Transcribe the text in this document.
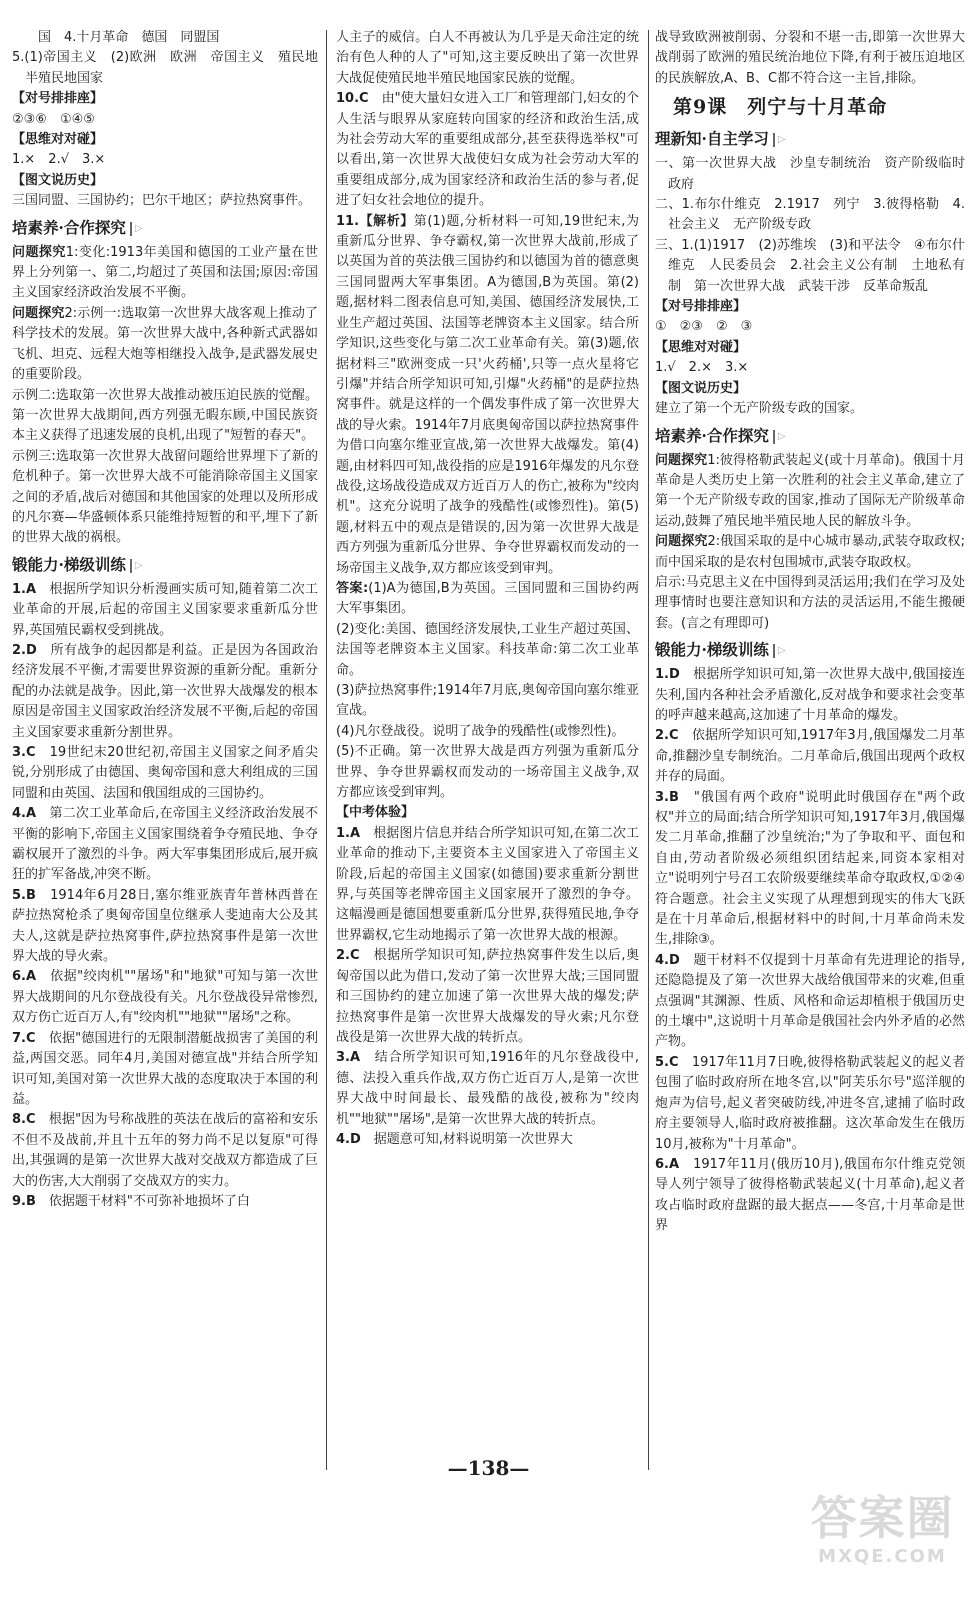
国　4.十月革命　德国　同盟国

5.(1)帝国主义　(2)欧洲　欧洲　帝国主义　殖民地半殖民地国家

【对号排排座】

②③⑥　①④⑤

【思维对对碰】

1.×　2.√　3.×

【图文说历史】

三国同盟、三国协约；巴尔干地区；萨拉热窝事件。

培素养·合作探究 ▷

问题探究1:变化:1913年美国和德国的工业产量在世界上分列第一、第二,均超过了英国和法国;原因:帝国主义国家经济政治发展不平衡。

问题探究2:示例一:选取第一次世界大战客观上推动了科学技术的发展。第一次世界大战中,各种新式武器如飞机、坦克、远程大炮等相继投入战争,是武器发展史的重要阶段。

示例二:选取第一次世界大战推动被压迫民族的觉醒。第一次世界大战期间,西方列强无暇东顾,中国民族资本主义获得了迅速发展的良机,出现了"短暂的春天"。

示例三:选取第一次世界大战留问题给世界埋下了新的危机种子。第一次世界大战不可能消除帝国主义国家之间的矛盾,战后对德国和其他国家的处理以及所形成的凡尔赛—华盛顿体系只能维持短暂的和平,埋下了新的世界大战的祸根。

锻能力·梯级训练 ▷

1.A　 根据所学知识分析漫画实质可知,随着第二次工业革命的开展,后起的帝国主义国家要求重新瓜分世界,英国殖民霸权受到挑战。

2.D　 所有战争的起因都是利益。正是因为各国政治经济发展不平衡,才需要世界资源的重新分配。重新分配的办法就是战争。因此,第一次世界大战爆发的根本原因是帝国主义国家政治经济发展不平衡,后起的帝国主义国家要求重新分割世界。

3.C　 19世纪末20世纪初,帝国主义国家之间矛盾尖锐,分别形成了由德国、奥匈帝国和意大利组成的三国同盟和由英国、法国和俄国组成的三国协约。

4.A　 第二次工业革命后,在帝国主义经济政治发展不平衡的影响下,帝国主义国家围绕着争夺殖民地、争夺霸权展开了激烈的斗争。两大军事集团形成后,展开疯狂的扩军备战,冲突不断。

5.B　 1914年6月28日,塞尔维亚族青年普林西普在萨拉热窝枪杀了奥匈帝国皇位继承人斐迪南大公及其夫人,这就是萨拉热窝事件,萨拉热窝事件是第一次世界大战的导火索。

6.A　 依据"绞肉机""屠场"和"地狱"可知与第一次世界大战期间的凡尔登战役有关。凡尔登战役异常惨烈,双方伤亡近百万人,有"绞肉机""地狱""屠场"之称。

7.C　 依据"德国进行的无限制潜艇战损害了美国的利益,两国交恶。同年4月,美国对德宣战"并结合所学知识可知,美国对第一次世界大战的态度取决于本国的利益。

8.C　 根据"因为号称战胜的英法在战后的富裕和安乐不但不及战前,并且十五年的努力尚不足以复原"可得出,其强调的是第一次世界大战对交战双方都造成了巨大的伤害,大大削弱了交战双方的实力。

9.B　 依据题干材料"不可弥补地损坏了白

人主子的威信。白人不再被认为几乎是天命注定的统治有色人种的人了"可知,这主要反映出了第一次世界大战促使殖民地半殖民地国家民族的觉醒。

10.C　 由"使大量妇女进入工厂和管理部门,妇女的个人生活与眼界从家庭转向国家的经济和政治生活,成为社会劳动大军的重要组成部分,甚至获得选举权"可以看出,第一次世界大战使妇女成为社会劳动大军的重要组成部分,成为国家经济和政治生活的参与者,促进了妇女社会地位的提升。

11.【解析】第(1)题,分析材料一可知,19世纪末,为重新瓜分世界、争夺霸权,第一次世界大战前,形成了以英国为首的英法俄三国协约和以德国为首的德意奥三国同盟两大军事集团。A为德国,B为英国。第(2)题,据材料二图表信息可知,美国、德国经济发展快,工业生产超过英国、法国等老牌资本主义国家。结合所学知识,这些变化与第二次工业革命有关。第(3)题,依据材料三"欧洲变成一只'火药桶',只等一点火星将它引爆"并结合所学知识可知,引爆"火药桶"的是萨拉热窝事件。就是这样的一个偶发事件成了第一次世界大战的导火索。1914年7月底奥匈帝国以萨拉热窝事件为借口向塞尔维亚宣战,第一次世界大战爆发。第(4)题,由材料四可知,战役指的应是1916年爆发的凡尔登战役,这场战役造成双方近百万人的伤亡,被称为"绞肉机"。这充分说明了战争的残酷性(或惨烈性)。第(5)题,材料五中的观点是错误的,因为第一次世界大战是西方列强为重新瓜分世界、争夺世界霸权而发动的一场帝国主义战争,双方都应该受到审判。

答案:(1)A为德国,B为英国。三国同盟和三国协约两大军事集团。

(2)变化:美国、德国经济发展快,工业生产超过英国、法国等老牌资本主义国家。科技革命:第二次工业革命。

(3)萨拉热窝事件;1914年7月底,奥匈帝国向塞尔维亚宣战。

(4)凡尔登战役。说明了战争的残酷性(或惨烈性)。

(5)不正确。第一次世界大战是西方列强为重新瓜分世界、争夺世界霸权而发动的一场帝国主义战争,双方都应该受到审判。

【中考体验】

1.A　 根据图片信息并结合所学知识可知,在第二次工业革命的推动下,主要资本主义国家进入了帝国主义阶段,后起的帝国主义国家(如德国)要求重新分割世界,与英国等老牌帝国主义国家展开了激烈的争夺。这幅漫画是德国想要重新瓜分世界,获得殖民地,争夺世界霸权,它生动地揭示了第一次世界大战的根源。

2.C　 根据所学知识可知,萨拉热窝事件发生以后,奥匈帝国以此为借口,发动了第一次世界大战;三国同盟和三国协约的建立加速了第一次世界大战的爆发;萨拉热窝事件是第一次世界大战爆发的导火索;凡尔登战役是第一次世界大战的转折点。

3.A　 结合所学知识可知,1916年的凡尔登战役中,德、法投入重兵作战,双方伤亡近百万人,是第一次世界大战中时间最长、最残酷的战役,被称为"绞肉机""地狱""屠场",是第一次世界大战的转折点。

4.D　 据题意可知,材料说明第一次世界大

战导致欧洲被削弱、分裂和不堪一击,即第一次世界大战削弱了欧洲的殖民统治地位下降,有利于被压迫地区的民族解放,A、B、C都不符合这一主旨,排除。

第9课　列宁与十月革命
理新知·自主学习 ▷

一、第一次世界大战　沙皇专制统治　资产阶级临时政府

二、1.布尔什维克　2.1917　列宁　3.彼得格勒　4.社会主义　无产阶级专政

三、1.(1)1917　(2)苏维埃　(3)和平法令　④布尔什维克　人民委员会　2.社会主义公有制　土地私有制　第一次世界大战　武装干涉　反革命叛乱

【对号排排座】

①　②③　②　③

【思维对对碰】

1.√　2.×　3.×

【图文说历史】

建立了第一个无产阶级专政的国家。

培素养·合作探究 ▷

问题探究1:彼得格勒武装起义(或十月革命)。俄国十月革命是人类历史上第一次胜利的社会主义革命,建立了第一个无产阶级专政的国家,推动了国际无产阶级革命运动,鼓舞了殖民地半殖民地人民的解放斗争。

问题探究2:俄国采取的是中心城市暴动,武装夺取政权;而中国采取的是农村包围城市,武装夺取政权。

启示:马克思主义在中国得到灵活运用;我们在学习及处理事情时也要注意知识和方法的灵活运用,不能生搬硬套。(言之有理即可)

锻能力·梯级训练 ▷

1.D　 根据所学知识可知,第一次世界大战中,俄国接连失利,国内各种社会矛盾激化,反对战争和要求社会变革的呼声越来越高,这加速了十月革命的爆发。

2.C　 依据所学知识可知,1917年3月,俄国爆发二月革命,推翻沙皇专制统治。二月革命后,俄国出现两个政权并存的局面。

3.B　 "俄国有两个政府"说明此时俄国存在"两个政权"并立的局面;结合所学知识可知,1917年3月,俄国爆发二月革命,推翻了沙皇统治;"为了争取和平、面包和自由,劳动者阶级必须组织团结起来,同资本家相对立"说明列宁号召工农阶级要继续革命夺取政权,①②④符合题意。社会主义实现了从理想到现实的伟大飞跃是在十月革命后,根据材料中的时间,十月革命尚未发生,排除③。

4.D　 题干材料不仅提到十月革命有先进理论的指导,还隐隐提及了第一次世界大战给俄国带来的灾难,但重点强调"其渊源、性质、风格和命运却植根于俄国历史的土壤中",这说明十月革命是俄国社会内外矛盾的必然产物。

5.C　 1917年11月7日晚,彼得格勒武装起义的起义者包围了临时政府所在地冬宫,以"阿芙乐尔号"巡洋舰的炮声为信号,起义者突破防线,冲进冬宫,逮捕了临时政府主要领导人,临时政府被推翻。这次革命发生在俄历10月,被称为"十月革命"。

6.A　 1917年11月(俄历10月),俄国布尔什维克党领导人列宁领导了彼得格勒武装起义(十月革命),起义者攻占临时政府盘踞的最大据点——冬宫,十月革命是世界

—138—
答案圈
MXQE.COM
